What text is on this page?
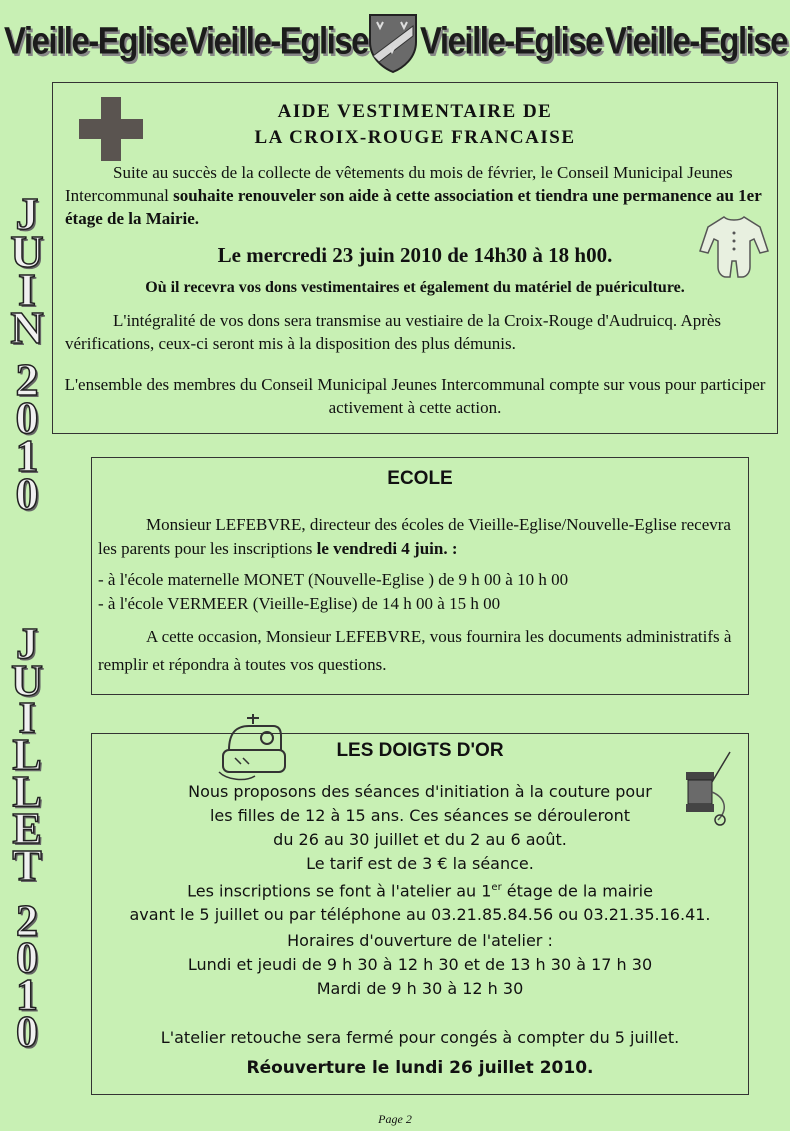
Vieille-Eglise Vieille-Eglise Vieille-Eglise Vieille-Eglise
J
U
I
N
2
0
1
0
J
U
I
L
L
E
T
2
0
1
0
AIDE VESTIMENTAIRE DE
LA CROIX-ROUGE FRANCAISE
Suite au succès de la collecte de vêtements du mois de février, le Conseil Municipal Jeunes Intercommunal souhaite renouveler son aide à cette association et tiendra une permanence au 1er étage de la Mairie.
Le mercredi 23 juin 2010 de 14h30 à 18 h00.
Où il recevra vos dons vestimentaires et également du matériel de puériculture.
L'intégralité de vos dons sera transmise au vestiaire de la Croix-Rouge d'Audruicq. Après vérifications, ceux-ci seront mis à la disposition des plus démunis.
L'ensemble des membres du Conseil Municipal Jeunes Intercommunal compte sur vous pour participer activement à cette action.
ECOLE
Monsieur LEFEBVRE, directeur des écoles de Vieille-Eglise/Nouvelle-Eglise recevra les parents pour les inscriptions le vendredi 4 juin. :
- à l'école maternelle MONET (Nouvelle-Eglise ) de 9 h 00 à 10 h 00
- à l'école VERMEER (Vieille-Eglise) de 14 h 00 à 15 h 00
A cette occasion, Monsieur LEFEBVRE, vous fournira les documents administratifs à remplir et répondra à toutes vos questions.
LES DOIGTS D'OR
Nous proposons des séances d'initiation à la couture pour
les filles de 12 à 15 ans. Ces séances se dérouleront
du 26 au 30 juillet et du 2 au 6 août.
Le tarif est de 3 € la séance.
Les inscriptions se font à l'atelier au 1er étage de la mairie
avant le 5 juillet ou par téléphone au 03.21.85.84.56 ou 03.21.35.16.41.
Horaires d'ouverture de l'atelier :
Lundi et jeudi de 9 h 30 à 12 h 30 et de 13 h 30 à 17 h 30
Mardi de 9 h 30 à 12 h 30
L'atelier retouche sera fermé pour congés à compter du 5 juillet.
Réouverture le lundi 26 juillet 2010.
Page 2
